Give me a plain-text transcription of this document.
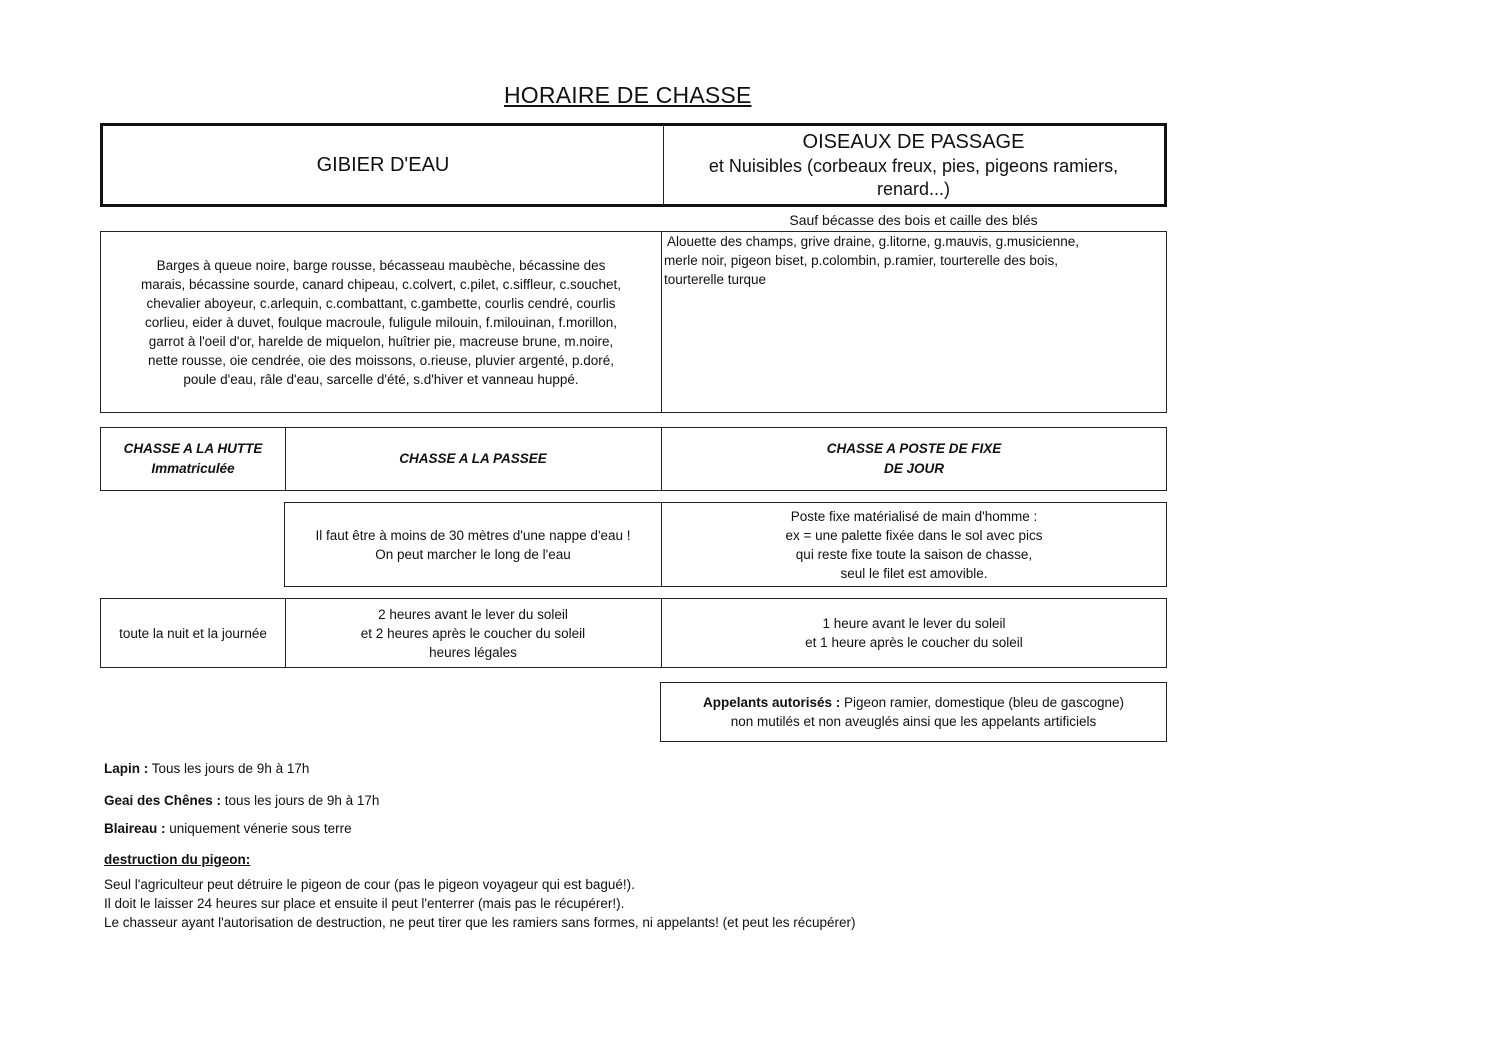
HORAIRE DE CHASSE
GIBIER D'EAU
OISEAUX DE PASSAGE
et Nuisibles (corbeaux freux, pies, pigeons ramiers,
renard...)
Sauf bécasse des bois et caille des blés
Barges à queue noire, barge rousse, bécasseau maubèche, bécassine des
marais, bécassine sourde, canard chipeau, c.colvert, c.pilet, c.siffleur, c.souchet,
chevalier aboyeur, c.arlequin, c.combattant, c.gambette, courlis cendré, courlis
corlieu, eider à duvet, foulque macroule, fuligule milouin, f.milouinan, f.morillon,
garrot à l'oeil d'or, harelde de miquelon, huîtrier pie, macreuse brune, m.noire,
nette rousse, oie cendrée, oie des moissons, o.rieuse, pluvier argenté, p.doré,
poule d'eau, râle d'eau, sarcelle d'été, s.d'hiver et vanneau huppé.
Alouette des champs, grive draine, g.litorne, g.mauvis, g.musicienne,
merle noir, pigeon biset, p.colombin, p.ramier, tourterelle des bois,
tourterelle turque
CHASSE A LA HUTTE
Immatriculée
CHASSE A LA PASSEE
CHASSE A POSTE DE FIXE
DE JOUR
Il faut être à moins de 30 mètres d'une nappe d'eau !
On peut marcher le long de l'eau
Poste fixe matérialisé de main d'homme :
ex = une palette fixée dans le sol avec pics
qui reste fixe toute la saison de chasse,
seul le filet est amovible.
toute la nuit et la journée
2 heures avant le lever du soleil
et 2 heures après le coucher du soleil
heures légales
1 heure avant le lever du soleil
et 1 heure après le coucher du soleil
Appelants autorisés : Pigeon ramier, domestique (bleu de gascogne)
non mutilés et non aveuglés ainsi que les appelants artificiels
Lapin : Tous les jours de 9h à 17h
Geai des Chênes : tous les jours de 9h à 17h
Blaireau : uniquement vénerie sous terre
destruction du pigeon:
Seul l'agriculteur peut détruire le pigeon de cour (pas le pigeon voyageur qui est bagué!).
Il doit le laisser 24 heures sur place et ensuite il peut l'enterrer (mais pas le récupérer!).
Le chasseur ayant l'autorisation de destruction, ne peut tirer que les ramiers sans formes, ni appelants! (et peut les récupérer)
